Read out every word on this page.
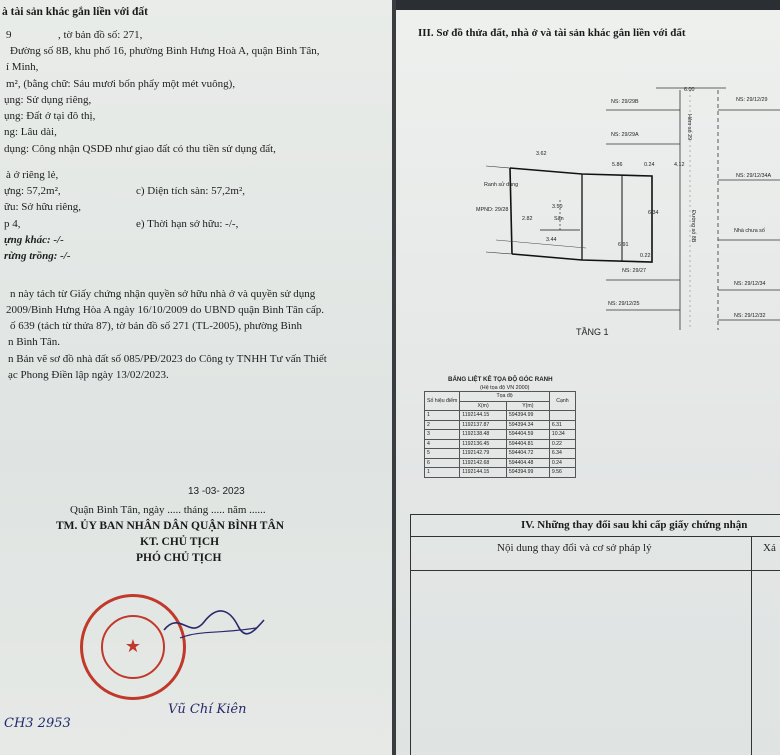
à tài sản khác gắn liền với đất
9	, tờ bản đồ số: 271,
Đường số 8B, khu phố 16, phường Bình Hưng Hoà A, quận Bình Tân,
í Minh,
m², (bằng chữ: Sáu mươi bốn phẩy một mét vuông),
ụng: Sử dụng riêng,
ụng: Đất ở tại đô thị,
ng: Lâu dài,
dụng: Công nhận QSDĐ như giao đất có thu tiền sử dụng đất,
à ở riêng lẻ,
ựng: 57,2m²,	c) Diện tích sàn: 57,2m²,
ữu: Sở hữu riêng,
p 4,	e) Thời hạn sở hữu: -/-,
ựng khác: -/-
rừng trồng: -/-
n này tách từ Giấy chứng nhận quyền sở hữu nhà ở và quyền sử dụng
2009/Bình Hưng Hòa A ngày 16/10/2009 do UBND quận Bình Tân cấp.
ố 639 (tách từ thửa 87), tờ bản đồ số 271 (TL-2005), phường Bình
n Bình Tân.
n Bản vẽ sơ đồ nhà đất số 085/PĐ/2023 do Công ty TNHH Tư vấn Thiết
ạc Phong Điền lập ngày 13/02/2023.
13 -03- 2023
Quận Bình Tân, ngày ..... tháng ..... năm ......
TM. ỦY BAN NHÂN DÂN QUẬN BÌNH TÂN
KT. CHỦ TỊCH
PHÓ CHỦ TỊCH
★
Vũ Chí Kiên
CH3 2953
III. Sơ đồ thửa đất, nhà ở và tài sản khác gắn liền với đất
NS: 29/29B
6.00
NS: 29/12/29
NS: 29/29A
NS: 29/12/34A
3.62
5.86	0.24	4.12
Ranh sử dụng
MPND: 29/28	3.50
Sân
2.82
6.34
Nhà chưa số
3.44
6.91
0.22
NS: 29/27
NS: 29/12/34
NS: 29/12/25
NS: 29/12/32
Hẻm số 29
Đường số 8B
TẦNG 1
BẢNG LIỆT KÊ TỌA ĐỘ GÓC RANH
(Hệ tọa độ VN 2000)
Số hiệu điểm	Tọa độ		Cạnh
	X(m)	Y(m)	
1	1192144.15	594394.99	
2	1192137.87	594394.34	6.31
3	1192138.48	594404.59	10.34
4	1192136.45	594404.81	0.22
5	1192142.79	594404.72	6.34
6	1192142.68	594404.48	0.24
1	1192144.15	594394.99	9.56
IV. Những thay đổi sau khi cấp giấy chứng nhận
Nội dung thay đổi và cơ sở pháp lý	Xá
